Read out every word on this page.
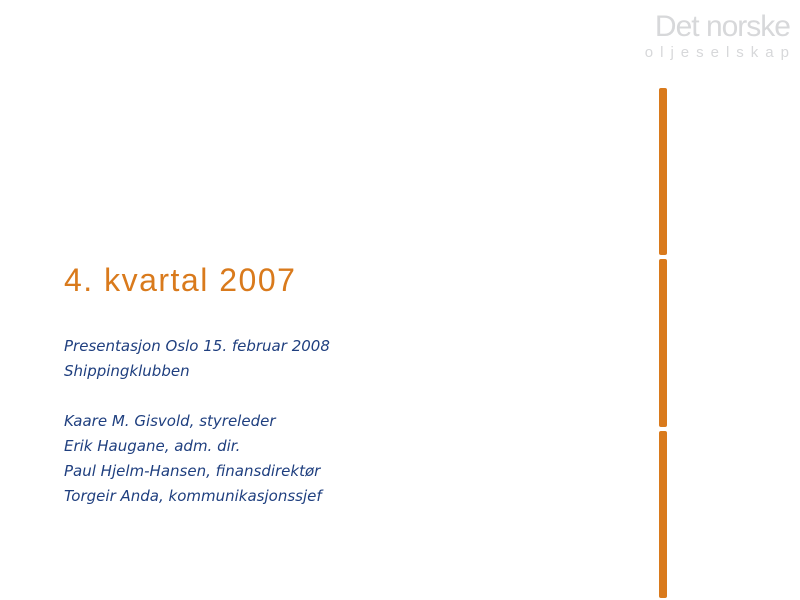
Det norske
oljeselskap
4. kvartal 2007
Presentasjon Oslo 15. februar 2008
Shippingklubben
Kaare M. Gisvold, styreleder
Erik Haugane, adm. dir.
Paul Hjelm-Hansen, finansdirektør
Torgeir Anda, kommunikasjonssjef
